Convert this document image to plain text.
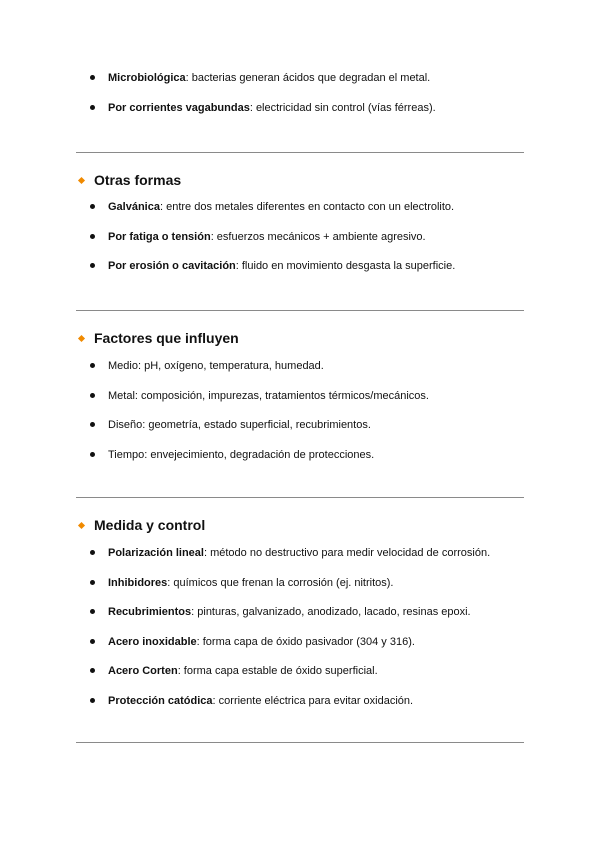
Microbiológica: bacterias generan ácidos que degradan el metal.
Por corrientes vagabundas: electricidad sin control (vías férreas).
Otras formas
Galvánica: entre dos metales diferentes en contacto con un electrolito.
Por fatiga o tensión: esfuerzos mecánicos + ambiente agresivo.
Por erosión o cavitación: fluido en movimiento desgasta la superficie.
Factores que influyen
Medio: pH, oxígeno, temperatura, humedad.
Metal: composición, impurezas, tratamientos térmicos/mecánicos.
Diseño: geometría, estado superficial, recubrimientos.
Tiempo: envejecimiento, degradación de protecciones.
Medida y control
Polarización lineal: método no destructivo para medir velocidad de corrosión.
Inhibidores: químicos que frenan la corrosión (ej. nitritos).
Recubrimientos: pinturas, galvanizado, anodizado, lacado, resinas epoxi.
Acero inoxidable: forma capa de óxido pasivador (304 y 316).
Acero Corten: forma capa estable de óxido superficial.
Protección catódica: corriente eléctrica para evitar oxidación.
